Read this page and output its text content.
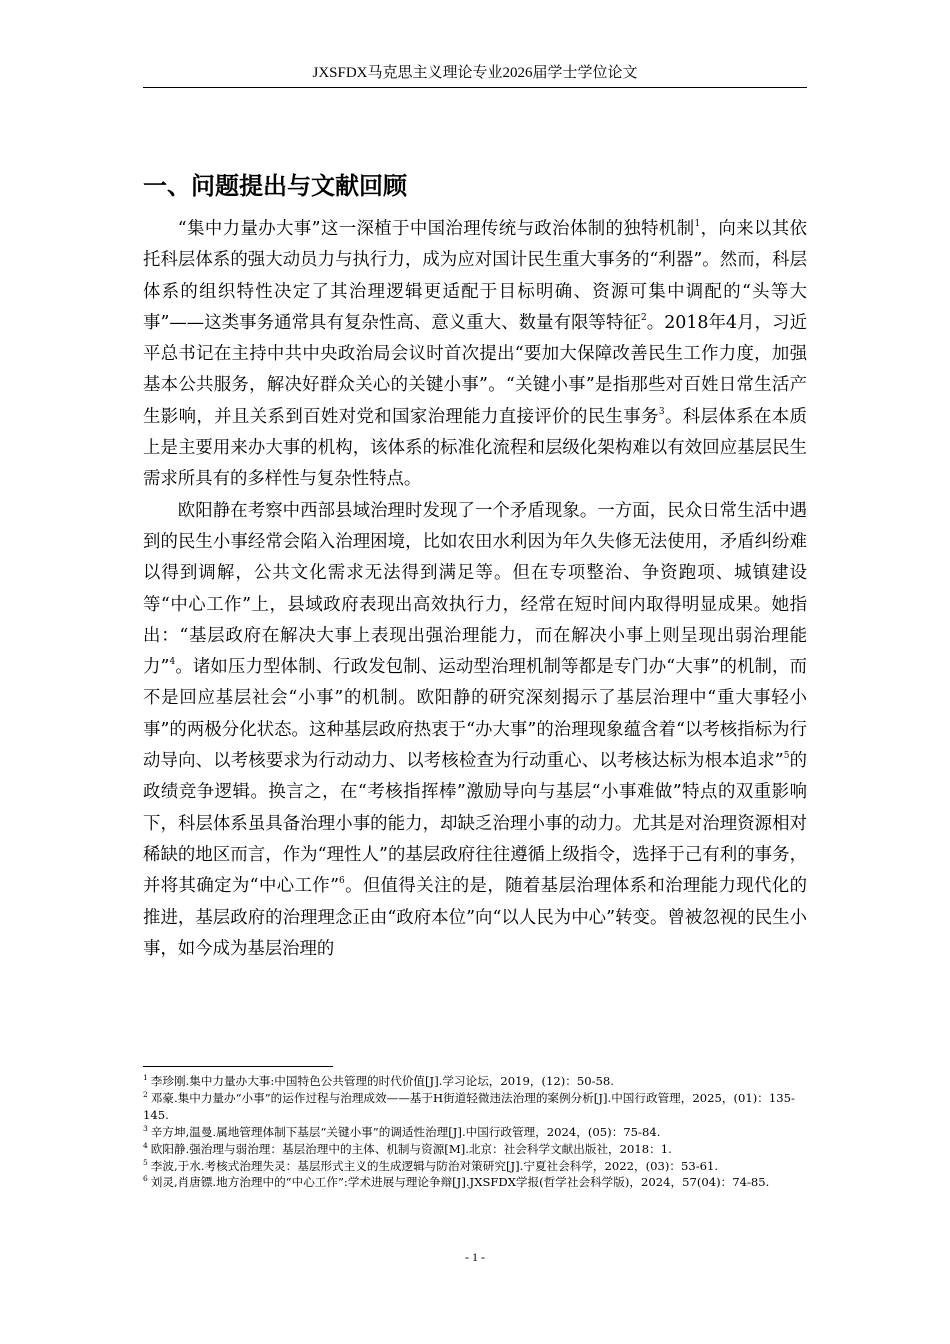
JXSFDX马克思主义理论专业2026届学士学位论文
一、问题提出与文献回顾

“集中力量办大事”这一深植于中国治理传统与政治体制的独特机制$^1$，向来以其依托科层体系的强大动员力与执行力，成为应对国计民生重大事务的“利器”。然而，科层体系的组织特性决定了其治理逻辑更适配于目标明确、资源可集中调配的“头等大事”——这类事务通常具有复杂性高、意义重大、数量有限等特征$^2$。2018年4月，习近平总书记在主持中共中央政治局会议时首次提出“要加大保障改善民生工作力度，加强基本公共服务，解决好群众关心的关键小事”。“关键小事”是指那些对百姓日常生活产生影响，并且关系到百姓对党和国家治理能力直接评价的民生事务$^3$。科层体系在本质上是主要用来办大事的机构，该体系的标准化流程和层级化架构难以有效回应基层民生需求所具有的多样性与复杂性特点。

欧阳静在考察中西部县域治理时发现了一个矛盾现象。一方面，民众日常生活中遇到的民生小事经常会陷入治理困境，比如农田水利因为年久失修无法使用，矛盾纠纷难以得到调解，公共文化需求无法得到满足等。但在专项整治、争资跑项、城镇建设等“中心工作”上，县域政府表现出高效执行力，经常在短时间内取得明显成果。她指出：“基层政府在解决大事上表现出强治理能力，而在解决小事上则呈现出弱治理能力”$^4$。诸如压力型体制、行政发包制、运动型治理机制等都是专门办“大事”的机制，而不是回应基层社会“小事”的机制。欧阳静的研究深刻揭示了基层治理中“重大事轻小事”的两极分化状态。这种基层政府热衷于“办大事”的治理现象蕴含着“以考核指标为行动导向、以考核要求为行动动力、以考核检查为行动重心、以考核达标为根本追求”$^5$的政绩竞争逻辑。换言之，在“考核指挥棒”激励导向与基层“小事难做”特点的双重影响下，科层体系虽具备治理小事的能力，却缺乏治理小事的动力。尤其是对治理资源相对稀缺的地区而言，作为“理性人”的基层政府往往遵循上级指令，选择于己有利的事务，并将其确定为“中心工作”$^6$。但值得关注的是，随着基层治理体系和治理能力现代化的推进，基层政府的治理理念正由“政府本位”向“以人民为中心”转变。曾被忽视的民生小事，如今成为基层治理的

$^1$ 李珍刚.集中力量办大事:中国特色公共管理的时代价值[J].学习论坛，2019，(12)：50-58.
$^2$ 邓豪.集中力量办“小事”的运作过程与治理成效——基于H街道轻微违法治理的案例分析[J].中国行政管理，2025，(01)：135-145.
$^3$ 辛方坤,温曼.属地管理体制下基层“关键小事”的调适性治理[J].中国行政管理，2024，(05)：75-84.
$^4$ 欧阳静.强治理与弱治理：基层治理中的主体、机制与资源[M].北京：社会科学文献出版社，2018：1.
$^5$ 李波,于水.考核式治理失灵：基层形式主义的生成逻辑与防治对策研究[J].宁夏社会科学，2022，(03)：53-61.
$^6$ 刘灵,肖唐镖.地方治理中的“中心工作”:学术进展与理论争辩[J].JXSFDX学报(哲学社会科学版)，2024，57(04)：74-85.
- 1 -
